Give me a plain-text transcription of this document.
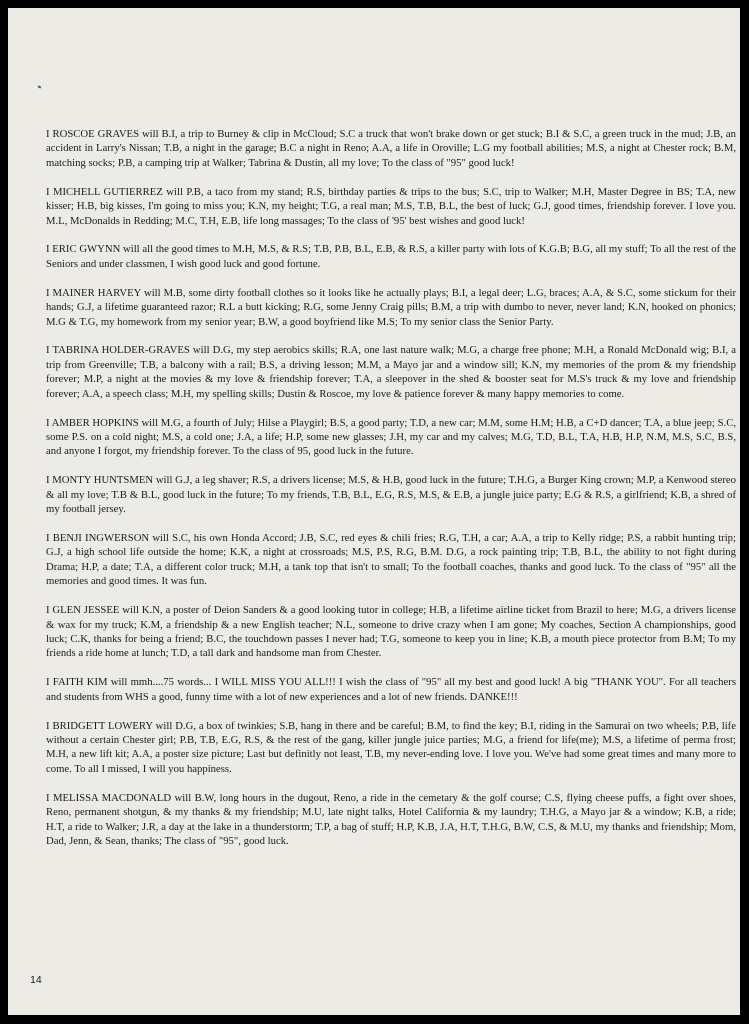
I ROSCOE GRAVES will B.I, a trip to Burney & clip in McCloud; S.C a truck that won't brake down or get stuck; B.I & S.C, a green truck in the mud; J.B, an accident in Larry's Nissan; T.B, a night in the garage; B.C a night in Reno; A.A, a life in Oroville; L.G my football abilities; M.S, a night at Chester rock; B.M, matching socks; P.B, a camping trip at Walker; Tabrina & Dustin, all my love; To the class of "95" good luck!

I MICHELL GUTIERREZ will P.B, a taco from my stand; R.S, birthday parties & trips to the bus; S.C, trip to Walker; M.H, Master Degree in BS; T.A, new kisser; H.B, big kisses, I'm going to miss you; K.N, my height; T.G, a real man; M.S, T.B, B.L, the best of luck; G.J, good times, friendship forever. I love you. M.L, McDonalds in Redding; M.C, T.H, E.B, life long massages; To the class of '95' best wishes and good luck!

I ERIC GWYNN will all the good times to M.H, M.S, & R.S; T.B, P.B, B.L, E.B, & R.S, a killer party with lots of K.G.B; B.G, all my stuff; To all the rest of the Seniors and under classmen, I wish good luck and good fortune.

I MAINER HARVEY will M.B, some dirty football clothes so it looks like he actually plays; B.I, a legal deer; L.G, braces; A.A, & S.C, some stickum for their hands; G.J, a lifetime guaranteed razor; R.L a butt kicking; R.G, some Jenny Craig pills; B.M, a trip with dumbo to never, never land; K.N, hooked on phonics; M.G & T.G, my homework from my senior year; B.W, a good boyfriend like M.S; To my senior class the Senior Party.

I TABRINA HOLDER-GRAVES will D.G, my step aerobics skills; R.A, one last nature walk; M.G, a charge free phone; M.H, a Ronald McDonald wig; B.I, a trip from Greenville; T.B, a balcony with a rail; B.S, a driving lesson; M.M, a Mayo jar and a window sill; K.N, my memories of the prom & my friendship forever; M.P, a night at the movies & my love & friendship forever; T.A, a sleepover in the shed & booster seat for M.S's truck & my love and friendship forever; A.A, a speech class; M.H, my spelling skills; Dustin & Roscoe, my love & patience forever & many happy memories to come.

I AMBER HOPKINS will M.G, a fourth of July; Hilse a Playgirl; B.S, a good party; T.D, a new car; M.M, some H.M; H.B, a C+D dancer; T.A, a blue jeep; S.C, some P.S. on a cold night; M.S, a cold one; J.A, a life; H.P, some new glasses; J.H, my car and my calves; M.G, T.D, B.L, T.A, H.B, H.P, N.M, M.S, S.C, B.S, and anyone I forgot, my friendship forever. To the class of 95, good luck in the future.

I MONTY HUNTSMEN will G.J, a leg shaver; R.S, a drivers license; M.S, & H.B, good luck in the future; T.H.G, a Burger King crown; M.P, a Kenwood stereo & all my love; T.B & B.L, good luck in the future; To my friends, T.B, B.L, E.G, R.S, M.S, & E.B, a jungle juice party; E.G & R.S, a girlfriend; K.B, a shred of my football jersey.

I BENJI INGWERSON will S.C, his own Honda Accord; J.B, S.C, red eyes & chili fries; R.G, T.H, a car; A.A, a trip to Kelly ridge; P.S, a rabbit hunting trip; G.J, a high school life outside the home; K.K, a night at crossroads; M.S, P.S, R.G, B.M. D.G, a rock painting trip; T.B, B.L, the ability to not fight during Drama; H.P, a date; T.A, a different color truck; M.H, a tank top that isn't to small; To the football coaches, thanks and good luck. To the class of "95" all the memories and good times. It was fun.

I GLEN JESSEE will K.N, a poster of Deion Sanders & a good looking tutor in college; H.B, a lifetime airline ticket from Brazil to here; M.G, a drivers license & wax for my truck; K.M, a friendship & a new English teacher; N.L, someone to drive crazy when I am gone; My coaches, Section A championships, good luck; C.K, thanks for being a friend; B.C, the touchdown passes I never had; T.G, someone to keep you in line; K.B, a mouth piece protector from B.M; To my friends a ride home at lunch; T.D, a tall dark and handsome man from Chester.

I FAITH KIM will mmh....75 words... I WILL MISS YOU ALL!!! I wish the class of "95" all my best and good luck! A big "THANK YOU". For all teachers and students from WHS a good, funny time with a lot of new experiences and a lot of new friends. DANKE!!!

I BRIDGETT LOWERY will D.G, a box of twinkies; S.B, hang in there and be careful; B.M, to find the key; B.I, riding in the Samurai on two wheels; P.B, life without a certain Chester girl; P.B, T.B, E.G, R.S, & the rest of the gang, killer jungle juice parties; M.G, a friend for life(me); M.S, a lifetime of perma frost; M.H, a new lift kit; A.A, a poster size picture; Last but definitly not least, T.B, my never-ending love. I love you. We've had some great times and many more to come. To all I missed, I will you happiness.

I MELISSA MACDONALD will B.W, long hours in the dugout, Reno, a ride in the cemetary & the golf course; C.S, flying cheese puffs, a fight over shoes, Reno, permanent shotgun, & my thanks & my friendship; M.U, late night talks, Hotel California & my laundry; T.H.G, a Mayo jar & a window; K.B, a ride; H.T, a ride to Walker; J.R, a day at the lake in a thunderstorm; T.P, a bag of stuff; H.P, K.B, J.A, H.T, T.H.G, B.W, C.S, & M.U, my thanks and friendship; Mom, Dad, Jenn, & Sean, thanks; The class of "95", good luck.

14
